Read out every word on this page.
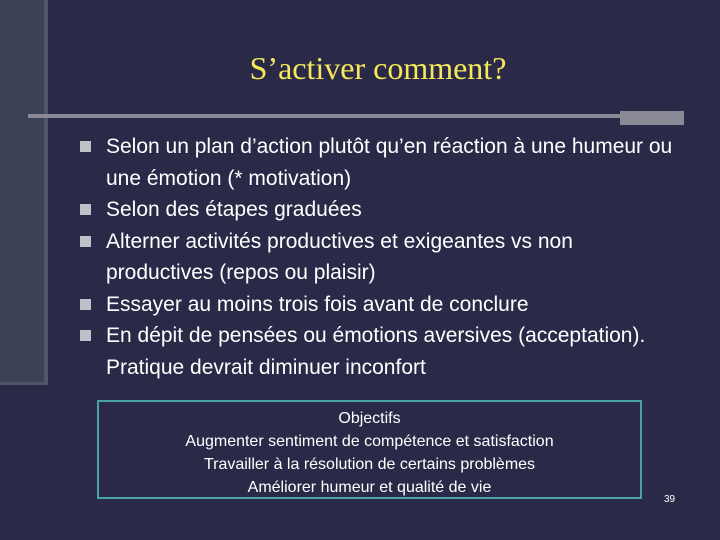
S’activer comment?
Selon un plan d’action plutôt qu’en réaction à une humeur ou une émotion (* motivation)
Selon des étapes graduées
Alterner activités productives et exigeantes vs non productives (repos ou plaisir)
Essayer au moins trois fois avant de conclure
En dépit de pensées ou émotions aversives (acceptation). Pratique devrait diminuer inconfort
Objectifs
Augmenter sentiment de compétence et satisfaction
Travailler à la résolution de certains problèmes
Améliorer humeur et qualité de vie
39
